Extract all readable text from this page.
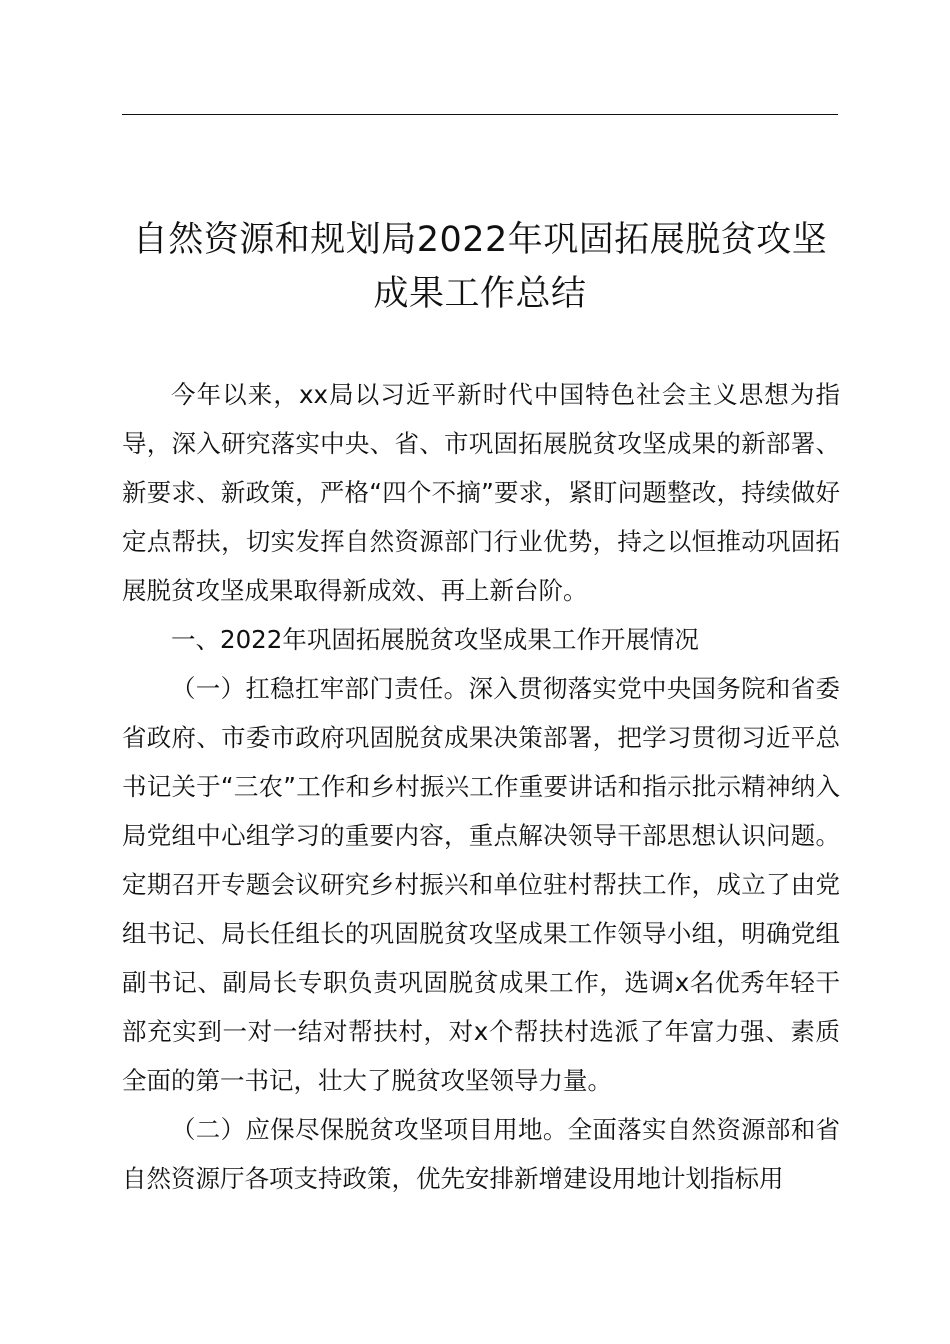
自然资源和规划局2022年巩固拓展脱贫攻坚
成果工作总结

今年以来，xx局以习近平新时代中国特色社会主义思想为指导，深入研究落实中央、省、市巩固拓展脱贫攻坚成果的新部署、新要求、新政策，严格“四个不摘”要求，紧盯问题整改，持续做好定点帮扶，切实发挥自然资源部门行业优势，持之以恒推动巩固拓展脱贫攻坚成果取得新成效、再上新台阶。

一、2022年巩固拓展脱贫攻坚成果工作开展情况

（一）扛稳扛牢部门责任。深入贯彻落实党中央国务院和省委省政府、市委市政府巩固脱贫成果决策部署，把学习贯彻习近平总书记关于“三农”工作和乡村振兴工作重要讲话和指示批示精神纳入局党组中心组学习的重要内容，重点解决领导干部思想认识问题。定期召开专题会议研究乡村振兴和单位驻村帮扶工作，成立了由党组书记、局长任组长的巩固脱贫攻坚成果工作领导小组，明确党组副书记、副局长专职负责巩固脱贫成果工作，选调x名优秀年轻干部充实到一对一结对帮扶村，对x个帮扶村选派了年富力强、素质全面的第一书记，壮大了脱贫攻坚领导力量。

（二）应保尽保脱贫攻坚项目用地。全面落实自然资源部和省自然资源厅各项支持政策，优先安排新增建设用地计划指标用
